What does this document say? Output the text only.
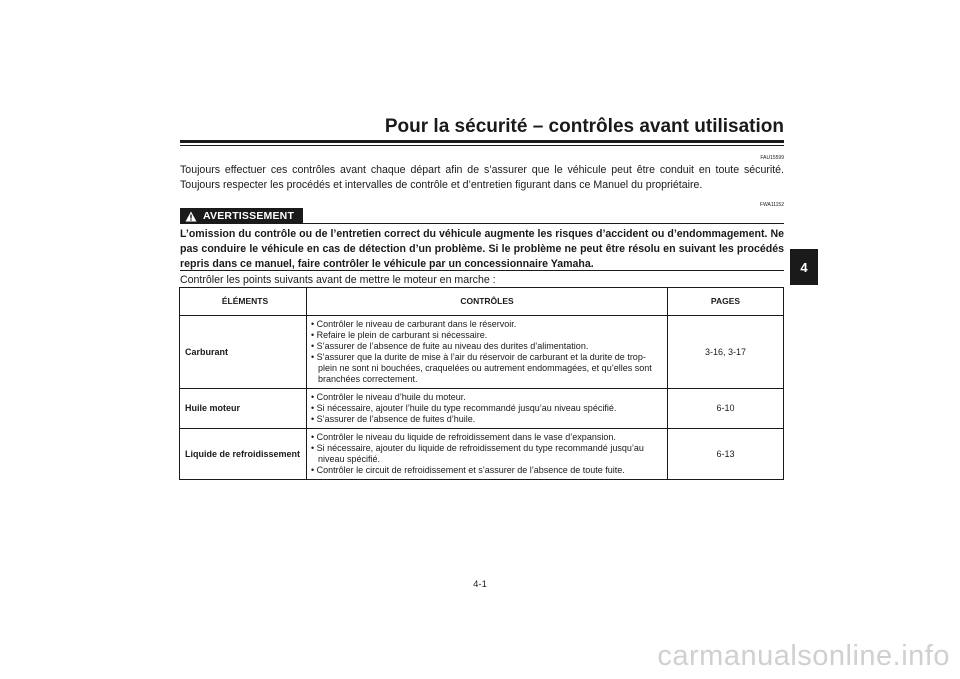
Pour la sécurité – contrôles avant utilisation
4
FAU15599
Toujours effectuer ces contrôles avant chaque départ afin de s’assurer que le véhicule peut être conduit en toute sécurité. Toujours respecter les procédés et intervalles de contrôle et d’entretien figurant dans ce Manuel du propriétaire.
FWA11152
AVERTISSEMENT
L’omission du contrôle ou de l’entretien correct du véhicule augmente les risques d’accident ou d’endommagement. Ne pas conduire le véhicule en cas de détection d’un problème. Si le problème ne peut être résolu en suivant les procédés repris dans ce manuel, faire contrôler le véhicule par un concessionnaire Yamaha.
Contrôler les points suivants avant de mettre le moteur en marche :
ÉLÉMENTS	CONTRÔLES	PAGES
Carburant	• Contrôler le niveau de carburant dans le réservoir.
• Refaire le plein de carburant si nécessaire.
• S’assurer de l’absence de fuite au niveau des durites d’alimentation.
• S’assurer que la durite de mise à l’air du réservoir de carburant et la durite de trop-plein ne sont ni bouchées, craquelées ou autrement endommagées, et qu’elles sont branchées correctement.	3-16, 3-17
Huile moteur	• Contrôler le niveau d’huile du moteur.
• Si nécessaire, ajouter l’huile du type recommandé jusqu’au niveau spécifié.
• S’assurer de l’absence de fuites d’huile.	6-10
Liquide de refroidissement	• Contrôler le niveau du liquide de refroidissement dans le vase d’expansion.
• Si nécessaire, ajouter du liquide de refroidissement du type recommandé jusqu’au niveau spécifié.
• Contrôler le circuit de refroidissement et s’assurer de l’absence de toute fuite.	6-13
4-1
carmanualsonline.info
